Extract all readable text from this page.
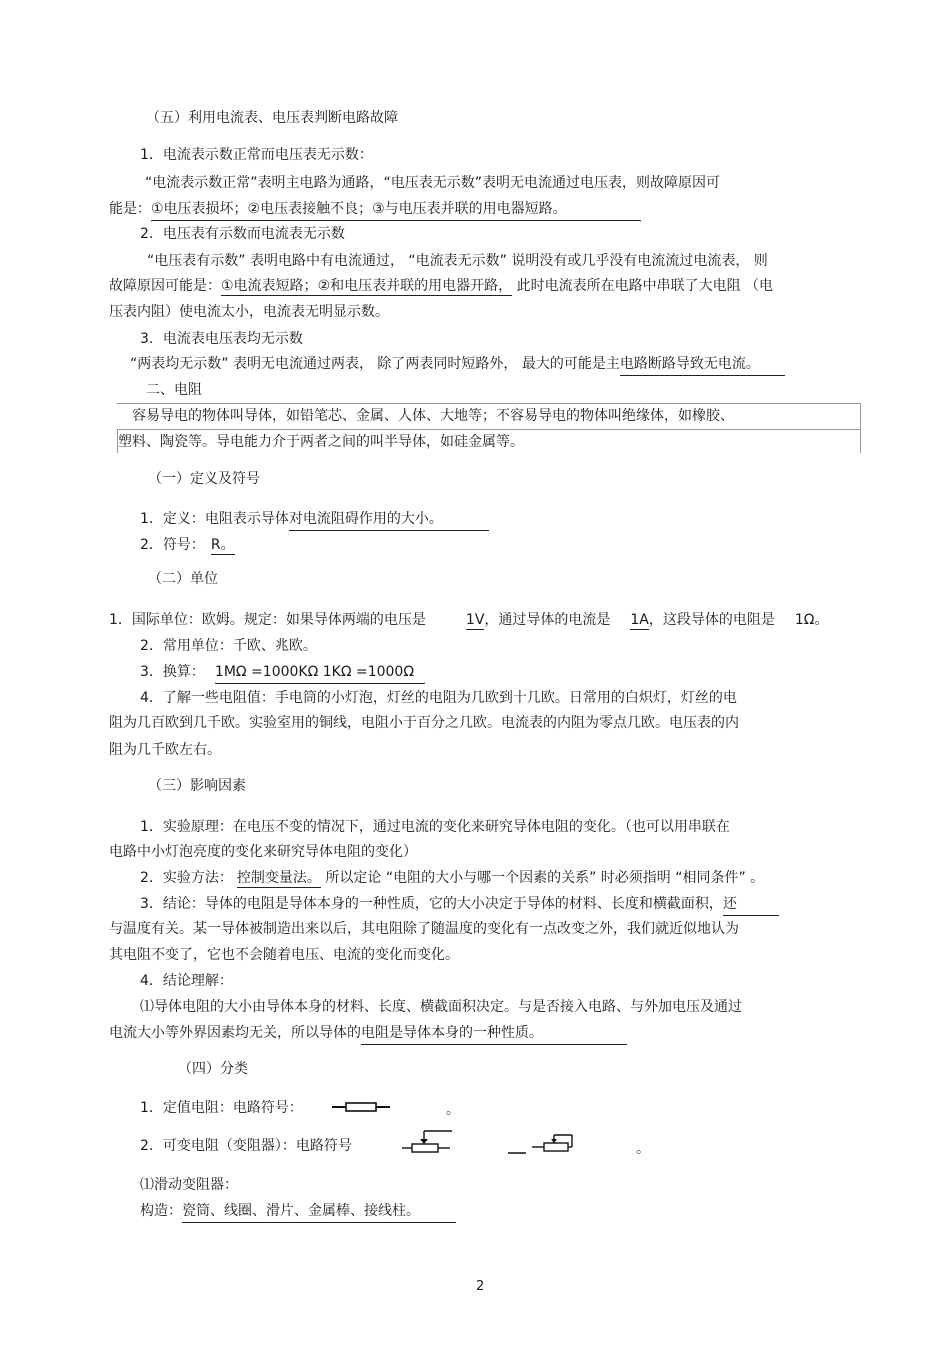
（五）利用电流表、电压表判断电路故障
1．电流表示数正常而电压表无示数：
“电流表示数正常”表明主电路为通路，“电压表无示数”表明无电流通过电压表，则故障原因可
能是：①电压表损坏；②电压表接触不良；③与电压表并联的用电器短路。
2．电压表有示数而电流表无示数
“电压表有示数” 表明电路中有电流通过， “电流表无示数” 说明没有或几乎没有电流流过电流表， 则
故障原因可能是：①电流表短路；②和电压表并联的用电器开路， 此时电流表所在电路中串联了大电阻 （电
压表内阻）使电流太小，电流表无明显示数。
3．电流表电压表均无示数
“两表均无示数” 表明无电流通过两表， 除了两表同时短路外， 最大的可能是主电路断路导致无电流。
二、电阻
容易导电的物体叫导体，如铅笔芯、金属、人体、大地等；不容易导电的物体叫绝缘体，如橡胶、
塑料、陶瓷等。导电能力介于两者之间的叫半导体，如硅金属等。
（一）定义及符号
1．定义：电阻表示导体对电流阻碍作用的大小。
2．符号： R。
（二）单位
1．国际单位：欧姆。规定：如果导体两端的电压是	1V，通过导体的电流是 1A，这段导体的电阻是 1Ω。
2．常用单位：千欧、兆欧。
3．换算： 1MΩ =1000KΩ 1KΩ =1000Ω
4．了解一些电阻值：手电筒的小灯泡，灯丝的电阻为几欧到十几欧。日常用的白炽灯，灯丝的电
阻为几百欧到几千欧。实验室用的铜线，电阻小于百分之几欧。电流表的内阻为零点几欧。电压表的内
阻为几千欧左右。
（三）影响因素
1．实验原理：在电压不变的情况下，通过电流的变化来研究导体电阻的变化。（也可以用串联在
电路中小灯泡亮度的变化来研究导体电阻的变化）
2．实验方法： 控制变量法。 所以定论 “电阻的大小与哪一个因素的关系” 时必须指明 “相同条件” 。
3．结论：导体的电阻是导体本身的一种性质，它的大小决定于导体的材料、长度和横截面积，还
与温度有关。某一导体被制造出来以后，其电阻除了随温度的变化有一点改变之外，我们就近似地认为
其电阻不变了，它也不会随着电压、电流的变化而变化。
4．结论理解：
⑴导体电阻的大小由导体本身的材料、长度、横截面积决定。与是否接入电路、与外加电压及通过
电流大小等外界因素均无关，所以导体的电阻是导体本身的一种性质。
（四）分类
1．定值电阻：电路符号：	。
2．可变电阻（变阻器）：电路符号	。
⑴滑动变阻器：
构造：瓷筒、线圈、滑片、金属棒、接线柱。
2
